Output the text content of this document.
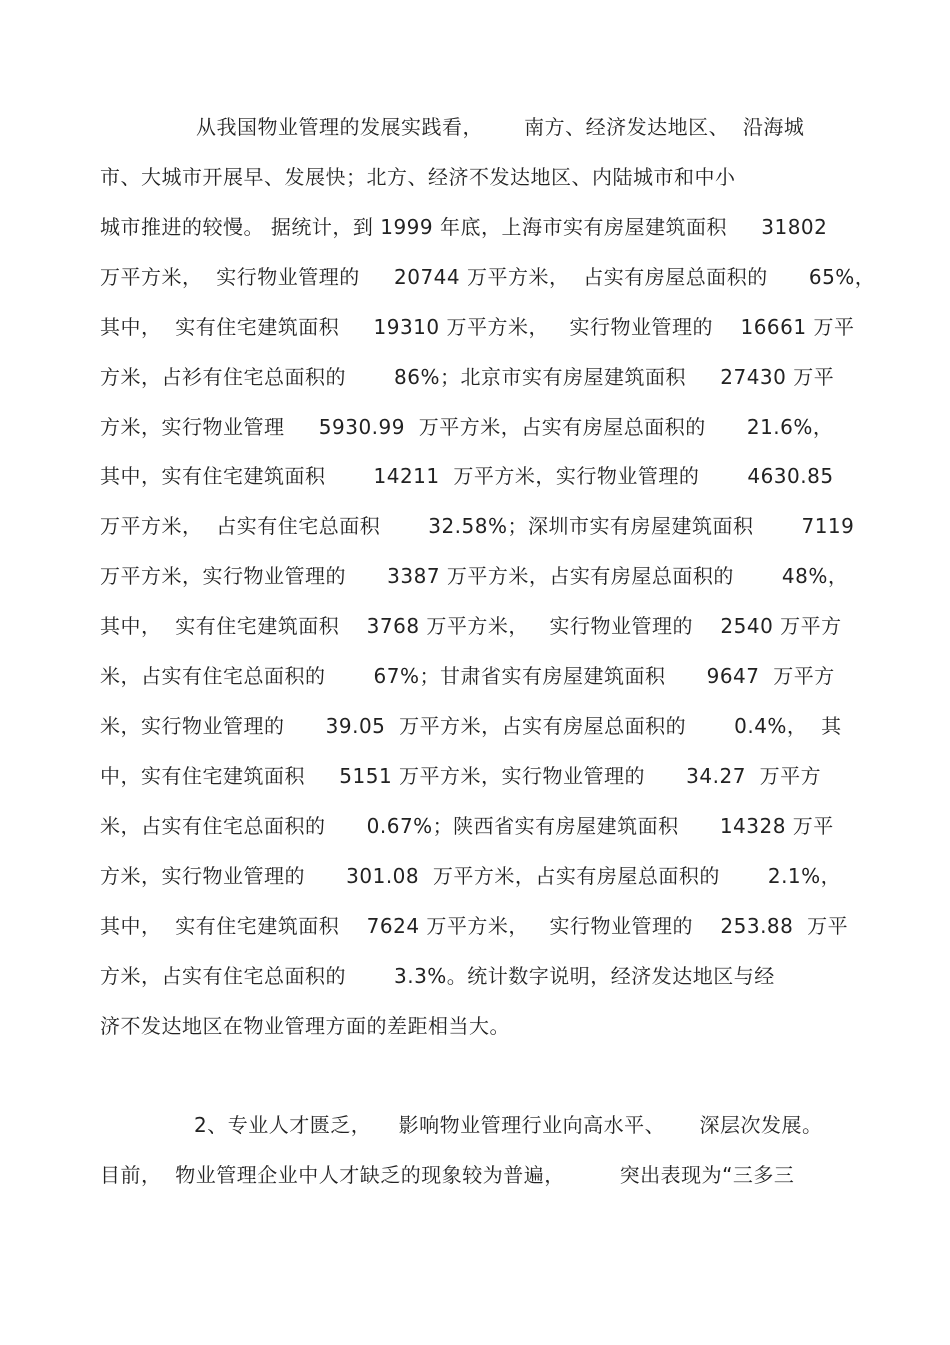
从我国物业管理的发展实践看，      南方、经济发达地区、  沿海城
市、大城市开展早、发展快；北方、经济不发达地区、内陆城市和中小
城市推进的较慢。 据统计，到 1999 年底，上海市实有房屋建筑面积     31802
万平方米，  实行物业管理的     20744 万平方米，  占实有房屋总面积的      65%，
其中，  实有住宅建筑面积     19310 万平方米，   实行物业管理的    16661 万平
方米，占衫有住宅总面积的       86%；北京市实有房屋建筑面积     27430 万平
方米，实行物业管理     5930.99  万平方米，占实有房屋总面积的      21.6%，
其中，实有住宅建筑面积       14211  万平方米，实行物业管理的       4630.85
万平方米，  占实有住宅总面积       32.58%；深圳市实有房屋建筑面积       7119
万平方米，实行物业管理的      3387 万平方米，占实有房屋总面积的       48%，
其中，  实有住宅建筑面积    3768 万平方米，   实行物业管理的    2540 万平方
米，占实有住宅总面积的       67%；甘肃省实有房屋建筑面积      9647  万平方
米，实行物业管理的      39.05  万平方米，占实有房屋总面积的       0.4%，  其
中，实有住宅建筑面积     5151 万平方米，实行物业管理的      34.27  万平方
米，占实有住宅总面积的      0.67%；陕西省实有房屋建筑面积      14328 万平
方米，实行物业管理的      301.08  万平方米，占实有房屋总面积的       2.1%，
其中，  实有住宅建筑面积    7624 万平方米，   实行物业管理的    253.88  万平
方米，占实有住宅总面积的       3.3%。统计数字说明，经济发达地区与经
济不发达地区在物业管理方面的差距相当大。
2、专业人才匮乏，    影响物业管理行业向高水平、     深层次发展。
目前，  物业管理企业中人才缺乏的现象较为普遍，        突出表现为“三多三
